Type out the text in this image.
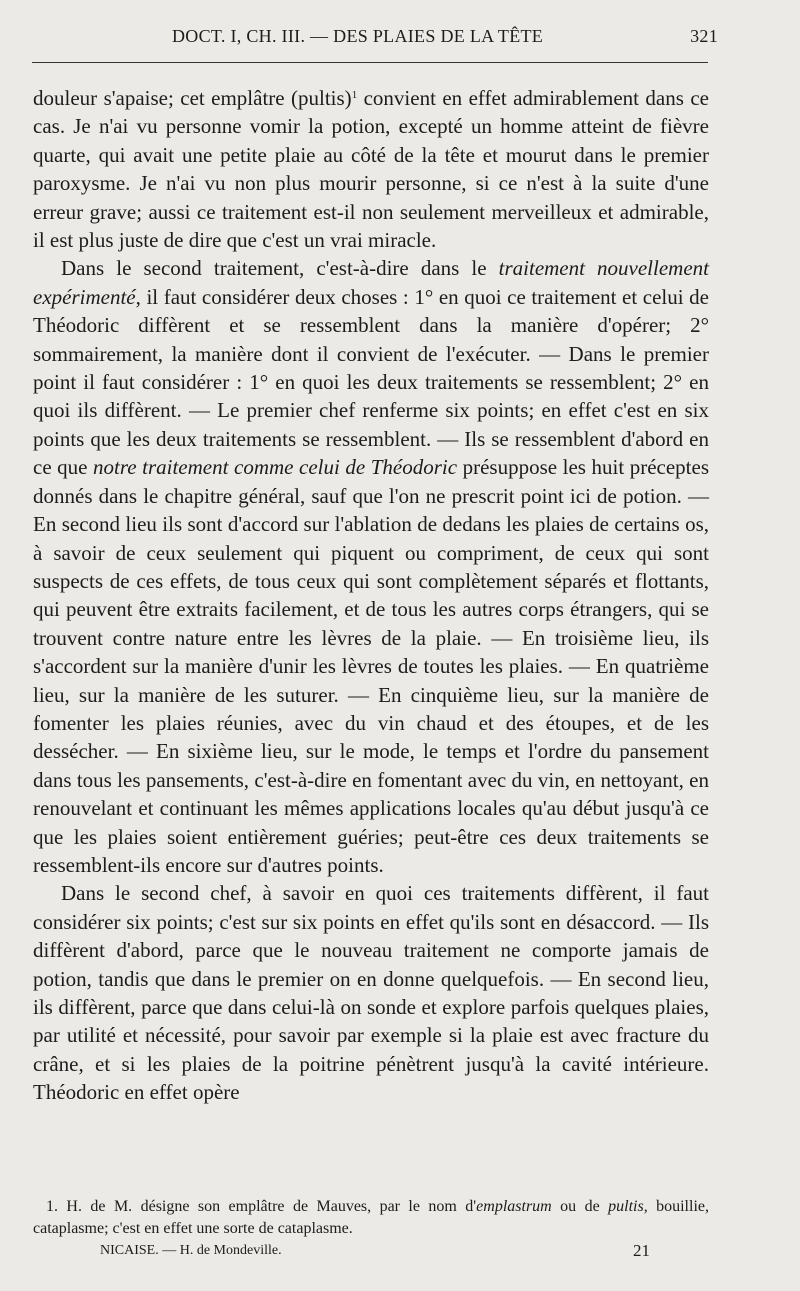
DOCT. I, CH. III. — DES PLAIES DE LA TÊTE	321

douleur s'apaise; cet emplâtre (pultis)$^1$ convient en effet admirablement dans ce cas. Je n'ai vu personne vomir la potion, excepté un homme atteint de fièvre quarte, qui avait une petite plaie au côté de la tête et mourut dans le premier paroxysme. Je n'ai vu non plus mourir personne, si ce n'est à la suite d'une erreur grave; aussi ce traitement est-il non seulement merveilleux et admirable, il est plus juste de dire que c'est un vrai miracle.

Dans le second traitement, c'est-à-dire dans le traitement nouvellement expérimenté, il faut considérer deux choses : 1° en quoi ce traitement et celui de Théodoric diffèrent et se ressemblent dans la manière d'opérer; 2° sommairement, la manière dont il convient de l'exécuter. — Dans le premier point il faut considérer : 1° en quoi les deux traitements se ressemblent; 2° en quoi ils diffèrent. — Le premier chef renferme six points; en effet c'est en six points que les deux traitements se ressemblent. — Ils se ressemblent d'abord en ce que notre traitement comme celui de Théodoric présuppose les huit préceptes donnés dans le chapitre général, sauf que l'on ne prescrit point ici de potion. — En second lieu ils sont d'accord sur l'ablation de dedans les plaies de certains os, à savoir de ceux seulement qui piquent ou compriment, de ceux qui sont suspects de ces effets, de tous ceux qui sont complètement séparés et flottants, qui peuvent être extraits facilement, et de tous les autres corps étrangers, qui se trouvent contre nature entre les lèvres de la plaie. — En troisième lieu, ils s'accordent sur la manière d'unir les lèvres de toutes les plaies. — En quatrième lieu, sur la manière de les suturer. — En cinquième lieu, sur la manière de fomenter les plaies réunies, avec du vin chaud et des étoupes, et de les dessécher. — En sixième lieu, sur le mode, le temps et l'ordre du pansement dans tous les pansements, c'est-à-dire en fomentant avec du vin, en nettoyant, en renouvelant et continuant les mêmes applications locales qu'au début jusqu'à ce que les plaies soient entièrement guéries; peut-être ces deux traitements se ressemblent-ils encore sur d'autres points.

Dans le second chef, à savoir en quoi ces traitements diffèrent, il faut considérer six points; c'est sur six points en effet qu'ils sont en désaccord. — Ils diffèrent d'abord, parce que le nouveau traitement ne comporte jamais de potion, tandis que dans le premier on en donne quelquefois. — En second lieu, ils diffèrent, parce que dans celui-là on sonde et explore parfois quelques plaies, par utilité et nécessité, pour savoir par exemple si la plaie est avec fracture du crâne, et si les plaies de la poitrine pénètrent jusqu'à la cavité intérieure. Théodoric en effet opère

1. H. de M. désigne son emplâtre de Mauves, par le nom d'emplastrum ou de pultis, bouillie, cataplasme; c'est en effet une sorte de cataplasme.

NICAISE. — H. de Mondeville.	21
